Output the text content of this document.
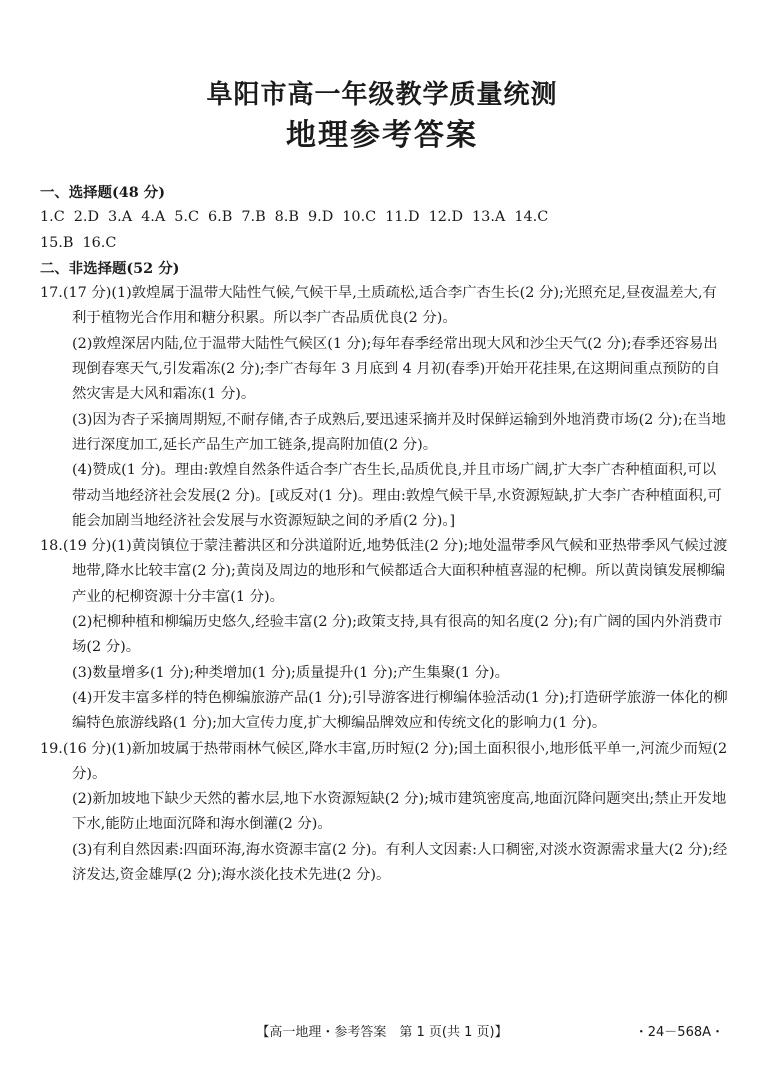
阜阳市高一年级教学质量统测
地理参考答案
一、选择题(48 分)
1.C 2.D 3.A 4.A 5.C 6.B 7.B 8.B 9.D 10.C 11.D 12.D 13.A 14.C
15.B 16.C
二、非选择题(52 分)
17.(17 分)(1)敦煌属于温带大陆性气候,气候干旱,土质疏松,适合李广杏生长(2 分);光照充足,昼夜温差大,有利于植物光合作用和糖分积累。所以李广杏品质优良(2 分)。
(2)敦煌深居内陆,位于温带大陆性气候区(1 分);每年春季经常出现大风和沙尘天气(2 分);春季还容易出现倒春寒天气,引发霜冻(2 分);李广杏每年 3 月底到 4 月初(春季)开始开花挂果,在这期间重点预防的自然灾害是大风和霜冻(1 分)。
(3)因为杏子采摘周期短,不耐存储,杏子成熟后,要迅速采摘并及时保鲜运输到外地消费市场(2 分);在当地进行深度加工,延长产品生产加工链条,提高附加值(2 分)。
(4)赞成(1 分)。理由:敦煌自然条件适合李广杏生长,品质优良,并且市场广阔,扩大李广杏种植面积,可以带动当地经济社会发展(2 分)。[或反对(1 分)。理由:敦煌气候干旱,水资源短缺,扩大李广杏种植面积,可能会加剧当地经济社会发展与水资源短缺之间的矛盾(2 分)。]
18.(19 分)(1)黄岗镇位于蒙洼蓄洪区和分洪道附近,地势低洼(2 分);地处温带季风气候和亚热带季风气候过渡地带,降水比较丰富(2 分);黄岗及周边的地形和气候都适合大面积种植喜湿的杞柳。所以黄岗镇发展柳编产业的杞柳资源十分丰富(1 分)。
(2)杞柳种植和柳编历史悠久,经验丰富(2 分);政策支持,具有很高的知名度(2 分);有广阔的国内外消费市场(2 分)。
(3)数量增多(1 分);种类增加(1 分);质量提升(1 分);产生集聚(1 分)。
(4)开发丰富多样的特色柳编旅游产品(1 分);引导游客进行柳编体验活动(1 分);打造研学旅游一体化的柳编特色旅游线路(1 分);加大宣传力度,扩大柳编品牌效应和传统文化的影响力(1 分)。
19.(16 分)(1)新加坡属于热带雨林气候区,降水丰富,历时短(2 分);国土面积很小,地形低平单一,河流少而短(2 分)。
(2)新加坡地下缺少天然的蓄水层,地下水资源短缺(2 分);城市建筑密度高,地面沉降问题突出;禁止开发地下水,能防止地面沉降和海水倒灌(2 分)。
(3)有利自然因素:四面环海,海水资源丰富(2 分)。有利人文因素:人口稠密,对淡水资源需求量大(2 分);经济发达,资金雄厚(2 分);海水淡化技术先进(2 分)。
【高一地理・参考答案　第 1 页(共 1 页)】	・24－568A・
